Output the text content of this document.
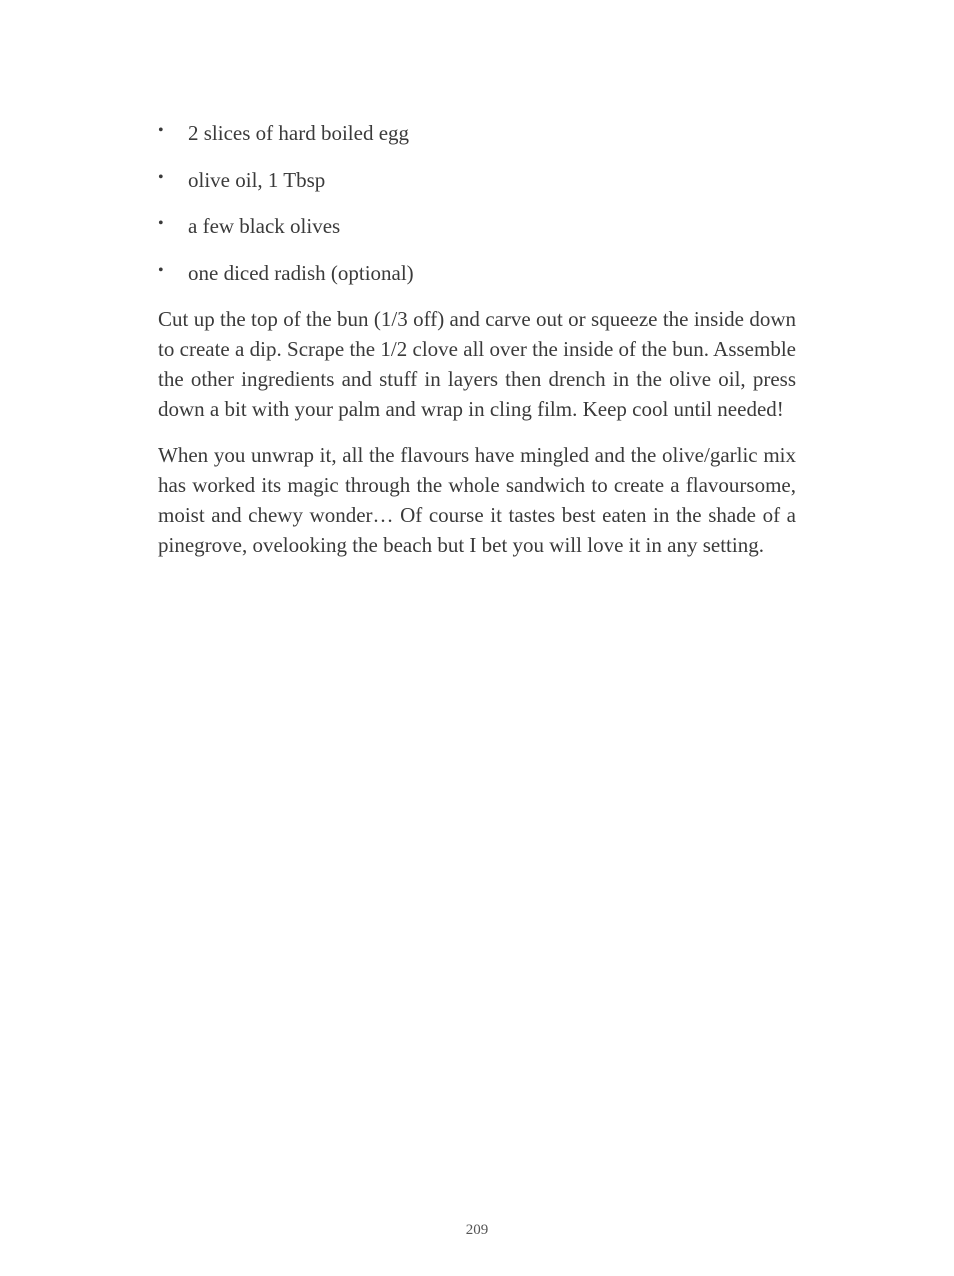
• 2 slices of hard boiled egg
• olive oil, 1 Tbsp
• a few black olives
• one diced radish (optional)

Cut up the top of the bun (1/3 off) and carve out or squeeze the inside down to create a dip. Scrape the 1/2 clove all over the inside of the bun. Assemble the other ingredients and stuff in layers then drench in the olive oil, press down a bit with your palm and wrap in cling film. Keep cool until needed!

When you unwrap it, all the flavours have mingled and the olive/garlic mix has worked its magic through the whole sandwich to create a flavoursome, moist and chewy wonder… Of course it tastes best eaten in the shade of a pinegrove, ovelooking the beach but I bet you will love it in any setting.

209
